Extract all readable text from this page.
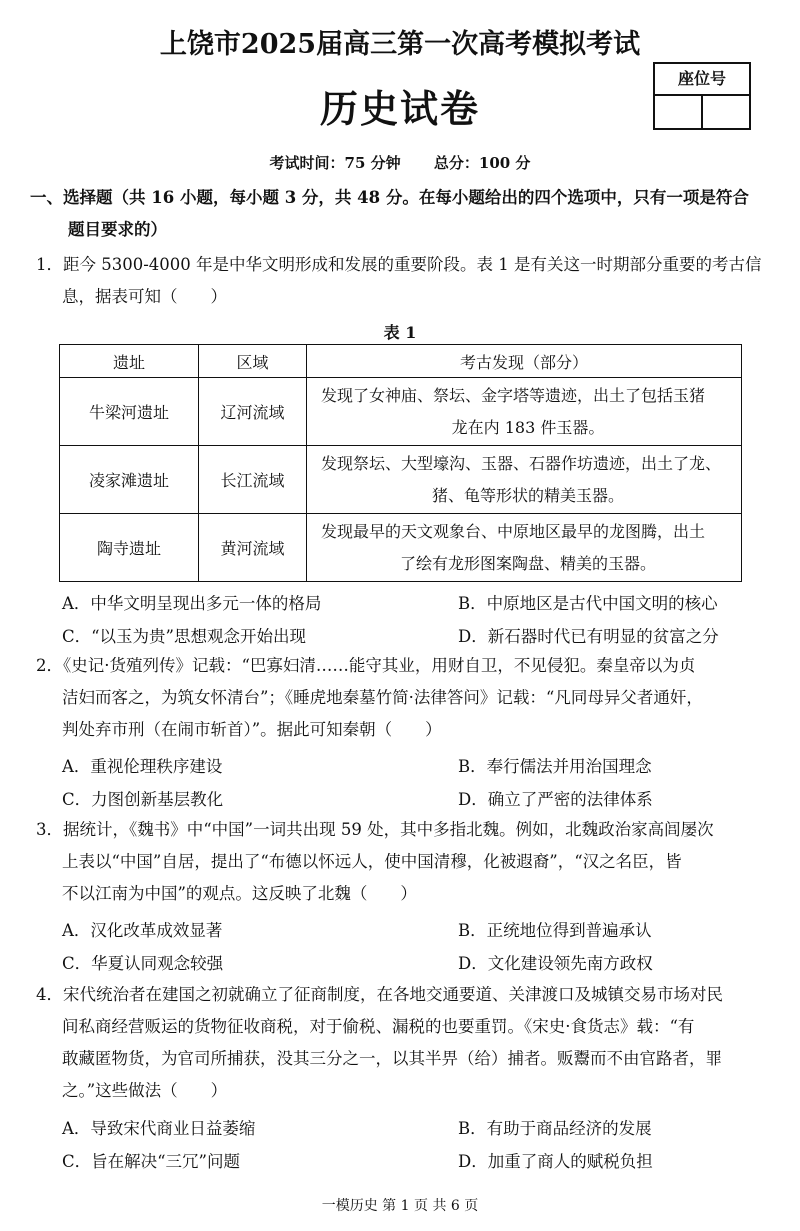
上饶市2025届高三第一次高考模拟考试
历史试卷
座位号
考试时间：75 分钟 总分：100 分
一、选择题（共 16 小题，每小题 3 分，共 48 分。在每小题给出的四个选项中，只有一项是符合
题目要求的）
1．距今 5300-4000 年是中华文明形成和发展的重要阶段。表 1 是有关这一时期部分重要的考古信
息，据表可知（　　）
表 1
遗址	区域	考古发现（部分）
牛梁河遗址	辽河流域	发现了女神庙、祭坛、金字塔等遗迹，出土了包括玉猪
龙在内 183 件玉器。

凌家滩遗址	长江流域	发现祭坛、大型壕沟、玉器、石器作坊遗迹，出土了龙、
猪、龟等形状的精美玉器。

陶寺遗址	黄河流域	发现最早的天文观象台、中原地区最早的龙图腾，出土
了绘有龙形图案陶盘、精美的玉器。
A．中华文明呈现出多元一体的格局	B．中原地区是古代中国文明的核心
C．“以玉为贵”思想观念开始出现	D．新石器时代已有明显的贫富之分
2．《史记·货殖列传》记载：“巴寡妇清……能守其业，用财自卫，不见侵犯。秦皇帝以为贞
洁妇而客之，为筑女怀清台”；《睡虎地秦墓竹简·法律答问》记载：“凡同母异父者通奸，
判处弃市刑（在闹市斩首）”。据此可知秦朝（　　）
A．重视伦理秩序建设	B．奉行儒法并用治国理念
C．力图创新基层教化	D．确立了严密的法律体系
3．据统计，《魏书》中“中国”一词共出现 59 处，其中多指北魏。例如，北魏政治家高闾屡次
上表以“中国”自居，提出了“布德以怀远人，使中国清穆，化被遐裔”，“汉之名臣，皆
不以江南为中国”的观点。这反映了北魏（　　）
A．汉化改革成效显著	B．正统地位得到普遍承认
C．华夏认同观念较强	D．文化建设领先南方政权
4．宋代统治者在建国之初就确立了征商制度，在各地交通要道、关津渡口及城镇交易市场对民
间私商经营贩运的货物征收商税，对于偷税、漏税的也要重罚。《宋史·食货志》载：“有
敢藏匿物货，为官司所捕获，没其三分之一，以其半畀（给）捕者。贩鬻而不由官路者，罪
之。”这些做法（　　）
A．导致宋代商业日益萎缩	B．有助于商品经济的发展
C．旨在解决“三冗”问题	D．加重了商人的赋税负担
一模历史 第 1 页 共 6 页
